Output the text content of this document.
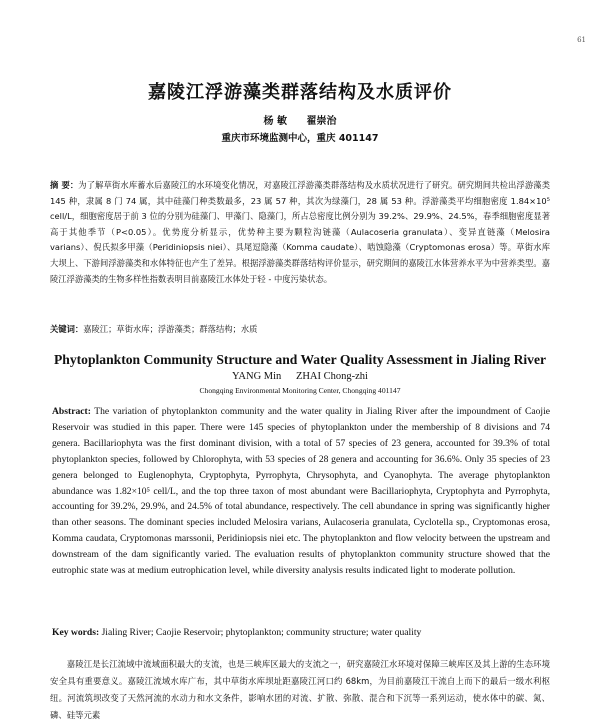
61
嘉陵江浮游藻类群落结构及水质评价
杨 敏 翟崇治
重庆市环境监测中心，重庆 401147
摘 要：为了解草街水库蓄水后嘉陵江的水环境变化情况，对嘉陵江浮游藻类群落结构及水质状况进行了研究。研究期间共检出浮游藻类 145 种，隶属 8 门 74 属，其中硅藻门种类数最多，23 属 57 种，其次为绿藻门，28 属 53 种。浮游藻类平均细胞密度 1.84×10⁵ cell/L，细胞密度居于前 3 位的分别为硅藻门、甲藻门、隐藻门，所占总密度比例分别为 39.2%、29.9%、24.5%，春季细胞密度显著高于其他季节（P<0.05）。优势度分析显示，优势种主要为颗粒沟链藻（Aulacoseria granulata）、变异直链藻（Melosira varians）、倪氏拟多甲藻（Peridiniopsis niei）、具尾逗隐藻（Komma caudate）、啮蚀隐藻（Cryptomonas erosa）等。草街水库大坝上、下游间浮游藻类和水体特征也产生了差异。根据浮游藻类群落结构评价显示，研究期间的嘉陵江水体营养水平为中营养类型。嘉陵江浮游藻类的生物多样性指数表明目前嘉陵江水体处于轻 - 中度污染状态。
关键词：嘉陵江；草街水库；浮游藻类；群落结构；水质
Phytoplankton Community Structure and Water Quality Assessment in Jialing River
YANG Min ZHAI Chong-zhi
Chongqing Environmental Monitoring Center, Chongqing 401147
Abstract: The variation of phytoplankton community and the water quality in Jialing River after the impoundment of Caojie Reservoir was studied in this paper. There were 145 species of phytoplankton under the membership of 8 divisions and 74 genera. Bacillariophyta was the first dominant division, with a total of 57 species of 23 genera, accounted for 39.3% of total phytoplankton species, followed by Chlorophyta, with 53 species of 28 genera and accounting for 36.6%. Only 35 species of 23 genera belonged to Euglenophyta, Cryptophyta, Pyrrophyta, Chrysophyta, and Cyanophyta. The average phytoplankton abundance was 1.82×10⁵ cell/L, and the top three taxon of most abundant were Bacillariophyta, Cryptophyta and Pyrrophyta, accounting for 39.2%, 29.9%, and 24.5% of total abundance, respectively. The cell abundance in spring was significantly higher than other seasons. The dominant species included Melosira varians, Aulacoseria granulata, Cyclotella sp., Cryptomonas erosa, Komma caudata, Cryptomonas marssonii, Peridiniopsis niei etc. The phytoplankton and flow velocity between the upstream and downstream of the dam significantly varied. The evaluation results of phytoplankton community structure showed that the eutrophic state was at medium eutrophication level, while diversity analysis results indicated light to moderate pollution.
Key words: Jialing River; Caojie Reservoir; phytoplankton; community structure; water quality
嘉陵江是长江流域中流域面积最大的支流，也是三峡库区最大的支流之一，研究嘉陵江水环境对保障三峡库区及其上游的生态环境安全具有重要意义。嘉陵江流域水库广布，其中草街水库坝址距嘉陵江河口约 68km，为目前嘉陵江干流自上而下的最后一级水利枢纽。河流筑坝改变了天然河流的水动力和水文条件，影响水团的对流、扩散、弥散、混合和下沉等一系列运动，使水体中的碳、氮、磷、硅等元素
